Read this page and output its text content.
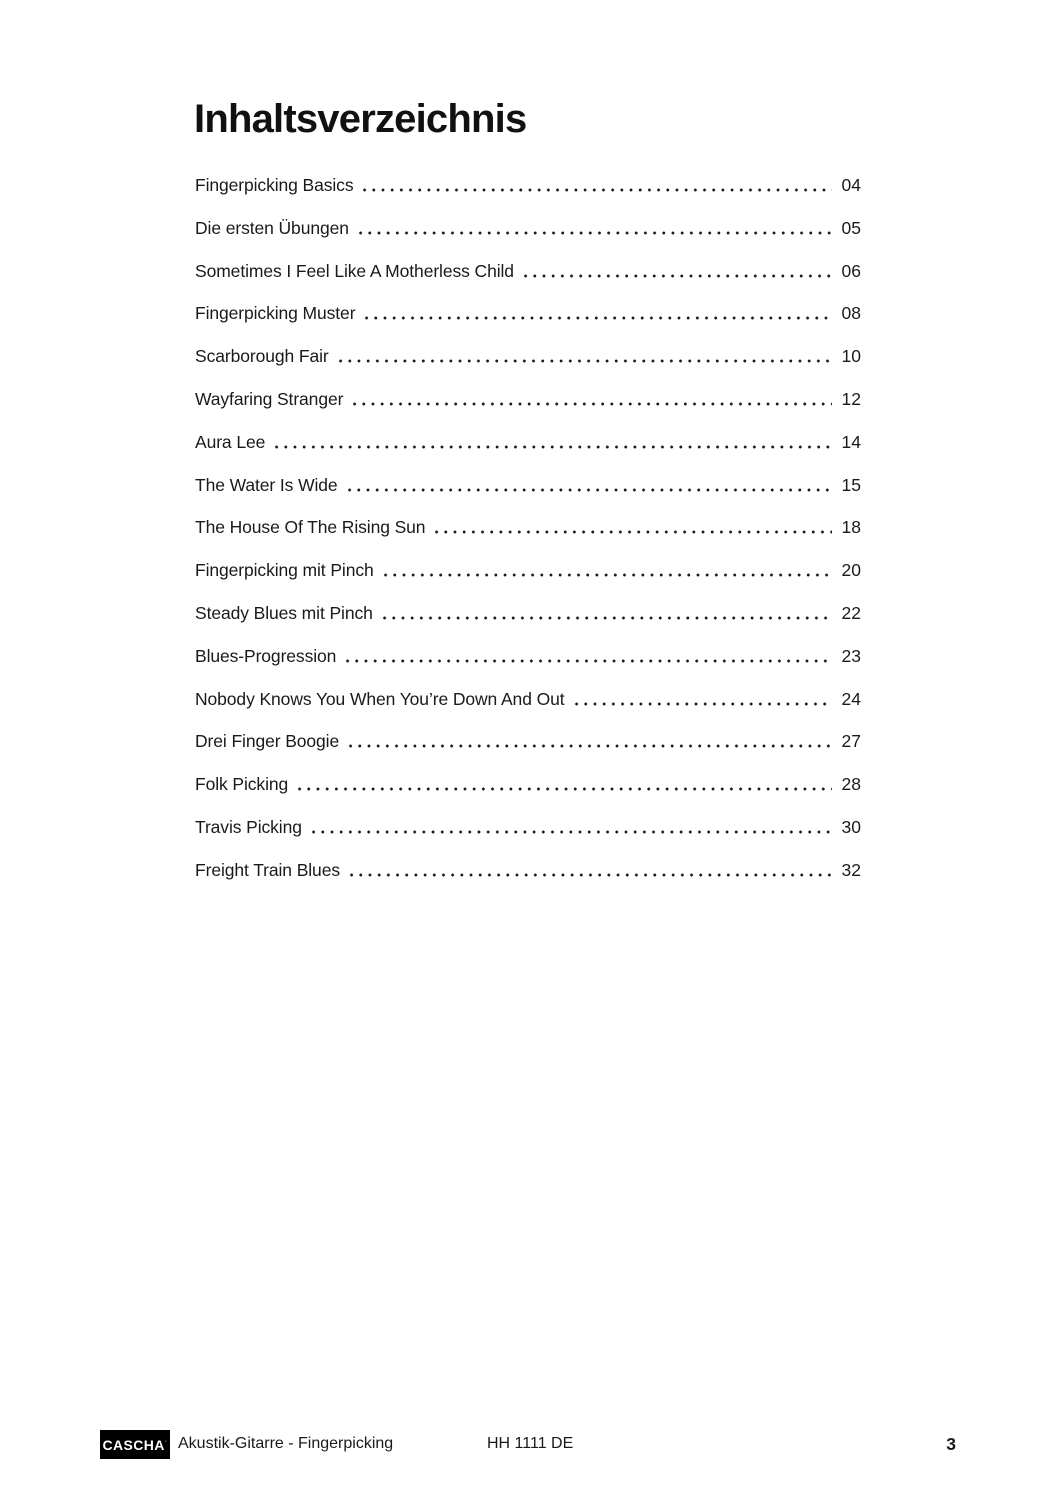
Inhaltsverzeichnis
Fingerpicking Basics	04
Die ersten Übungen	05
Sometimes I Feel Like A Motherless Child	06
Fingerpicking Muster	08
Scarborough Fair	10
Wayfaring Stranger	12
Aura Lee	14
The Water Is Wide	15
The House Of The Rising Sun	18
Fingerpicking mit Pinch	20
Steady Blues mit Pinch	22
Blues-Progression	23
Nobody Knows You When You’re Down And Out	24
Drei Finger Boogie	27
Folk Picking	28
Travis Picking	30
Freight Train Blues	32
CASCHA ˙ Akustik-Gitarre - Fingerpicking	HH 1111 DE	3
